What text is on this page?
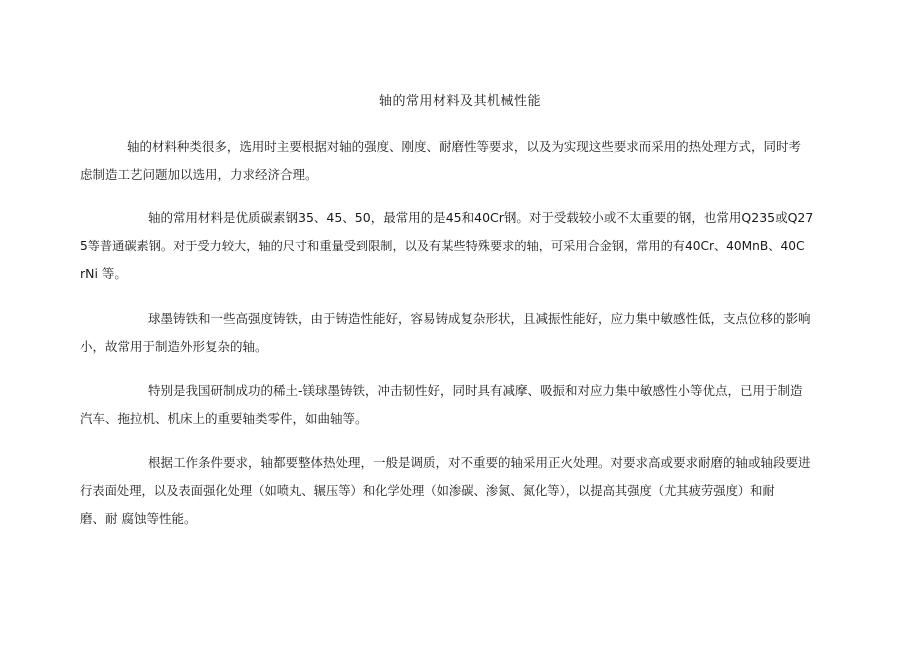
轴的常用材料及其机械性能
轴的材料种类很多，选用时主要根据对轴的强度、刚度、耐磨性等要求，以及为实现这些要求而采用的热处理方式，同时考
虑制造工艺问题加以选用，力求经济合理。
轴的常用材料是优质碳素钢35、45、50，最常用的是45和40Cr钢。对于受载较小或不太重要的钢，也常用Q235或Q27
5等普通碳素钢。对于受力较大，轴的尺寸和重量受到限制，以及有某些特殊要求的轴，可采用合金钢，常用的有40Cr、40MnB、40C
rNi 等。
球墨铸铁和一些高强度铸铁，由于铸造性能好，容易铸成复杂形状，且减振性能好，应力集中敏感性低，支点位移的影响
小，故常用于制造外形复杂的轴。
特别是我国研制成功的稀土-镁球墨铸铁，冲击韧性好，同时具有减摩、吸振和对应力集中敏感性小等优点，已用于制造
汽车、拖拉机、机床上的重要轴类零件，如曲轴等。
根据工作条件要求，轴都要整体热处理，一般是调质，对不重要的轴采用正火处理。对要求高或要求耐磨的轴或轴段要进
行表面处理，以及表面强化处理（如喷丸、辗压等）和化学处理（如渗碳、渗氮、氮化等），以提高其强度（尤其疲劳强度）和耐
磨、耐 腐蚀等性能。
